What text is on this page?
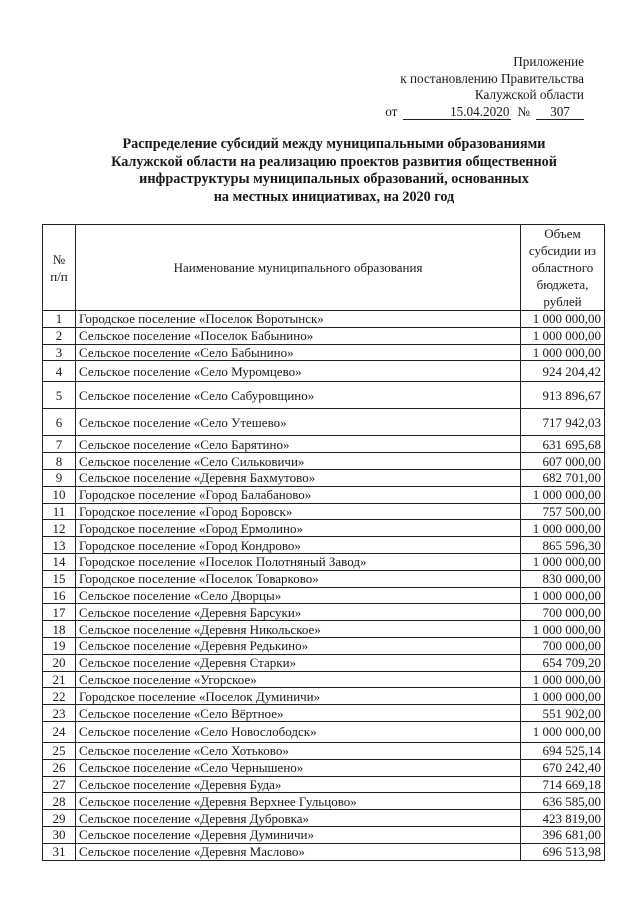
Приложение
к постановлению Правительства
Калужской области
от	15.04.2020 №	307
Распределение субсидий между муниципальными образованиями
Калужской области на реализацию проектов развития общественной
инфраструктуры муниципальных образований, основанных
на местных инициативах, на 2020 год
№ п/п	Наименование муниципального образования	Объем субсидии из областного бюджета, рублей
1	Городское поселение «Поселок Воротынск»	1 000 000,00
2	Сельское поселение «Поселок Бабынино»	1 000 000,00
3	Сельское поселение «Село Бабынино»	1 000 000,00
4	Сельское поселение «Село Муромцево»	924 204,42
5	Сельское поселение «Село Сабуровщино»	913 896,67
6	Сельское поселение «Село Утешево»	717 942,03
7	Сельское поселение «Село Барятино»	631 695,68
8	Сельское поселение «Село Сильковичи»	607 000,00
9	Сельское поселение «Деревня Бахмутово»	682 701,00
10	Городское поселение «Город Балабаново»	1 000 000,00
11	Городское поселение «Город Боровск»	757 500,00
12	Городское поселение «Город Ермолино»	1 000 000,00
13	Городское поселение «Город Кондрово»	865 596,30
14	Городское поселение «Поселок Полотняный Завод»	1 000 000,00
15	Городское поселение «Поселок Товарково»	830 000,00
16	Сельское поселение «Село Дворцы»	1 000 000,00
17	Сельское поселение «Деревня Барсуки»	700 000,00
18	Сельское поселение «Деревня Никольское»	1 000 000,00
19	Сельское поселение «Деревня Редькино»	700 000,00
20	Сельское поселение «Деревня Старки»	654 709,20
21	Сельское поселение «Угорское»	1 000 000,00
22	Городское поселение «Поселок Думиничи»	1 000 000,00
23	Сельское поселение «Село Вёртное»	551 902,00
24	Сельское поселение «Село Новослободск»	1 000 000,00
25	Сельское поселение «Село Хотьково»	694 525,14
26	Сельское поселение «Село Чернышено»	670 242,40
27	Сельское поселение «Деревня Буда»	714 669,18
28	Сельское поселение «Деревня Верхнее Гульцово»	636 585,00
29	Сельское поселение «Деревня Дубровка»	423 819,00
30	Сельское поселение «Деревня Думиничи»	396 681,00
31	Сельское поселение «Деревня Маслово»	696 513,98
